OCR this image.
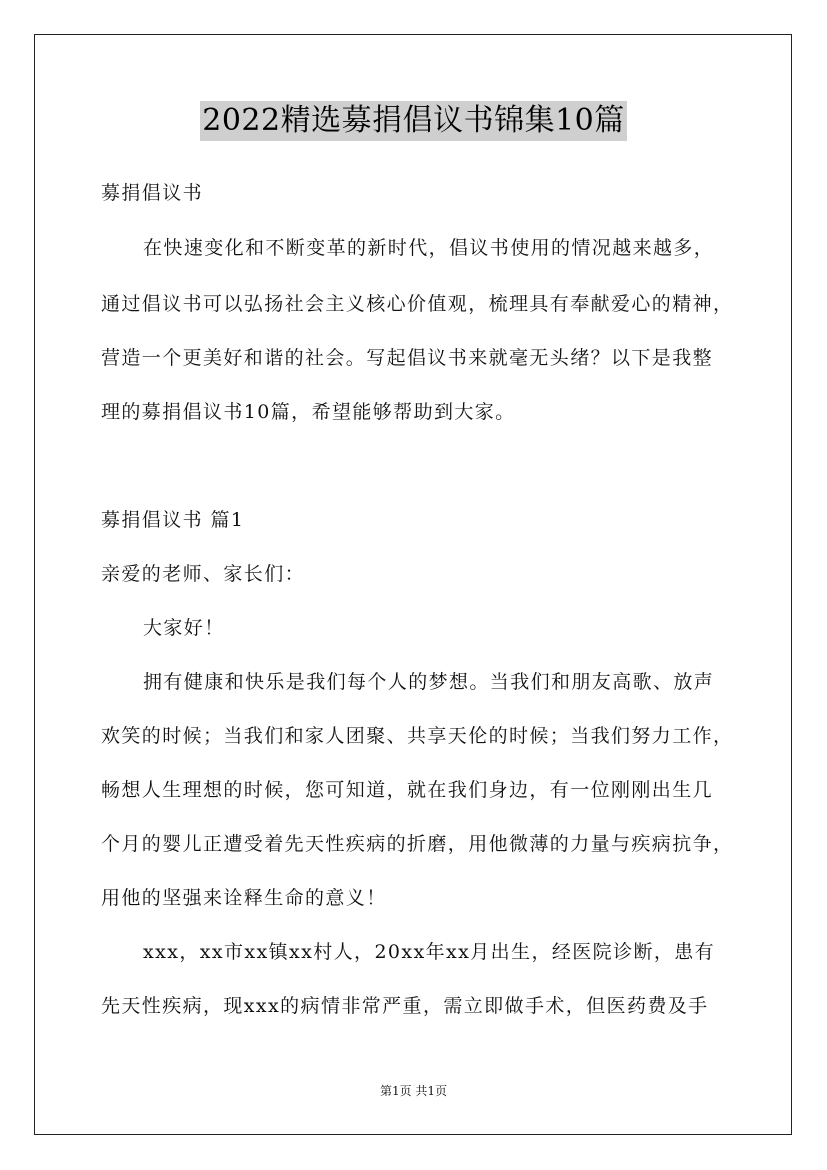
2022精选募捐倡议书锦集10篇
募捐倡议书
在快速变化和不断变革的新时代，倡议书使用的情况越来越多，
通过倡议书可以弘扬社会主义核心价值观，梳理具有奉献爱心的精神，
营造一个更美好和谐的社会。写起倡议书来就毫无头绪？以下是我整
理的募捐倡议书10篇，希望能够帮助到大家。
募捐倡议书 篇1
亲爱的老师、家长们：
大家好！
拥有健康和快乐是我们每个人的梦想。当我们和朋友高歌、放声
欢笑的时候；当我们和家人团聚、共享天伦的时候；当我们努力工作，
畅想人生理想的时候，您可知道，就在我们身边，有一位刚刚出生几
个月的婴儿正遭受着先天性疾病的折磨，用他微薄的力量与疾病抗争，
用他的坚强来诠释生命的意义！
xxx，xx市xx镇xx村人，20xx年xx月出生，经医院诊断，患有
先天性疾病，现xxx的病情非常严重，需立即做手术，但医药费及手
第1页 共1页
